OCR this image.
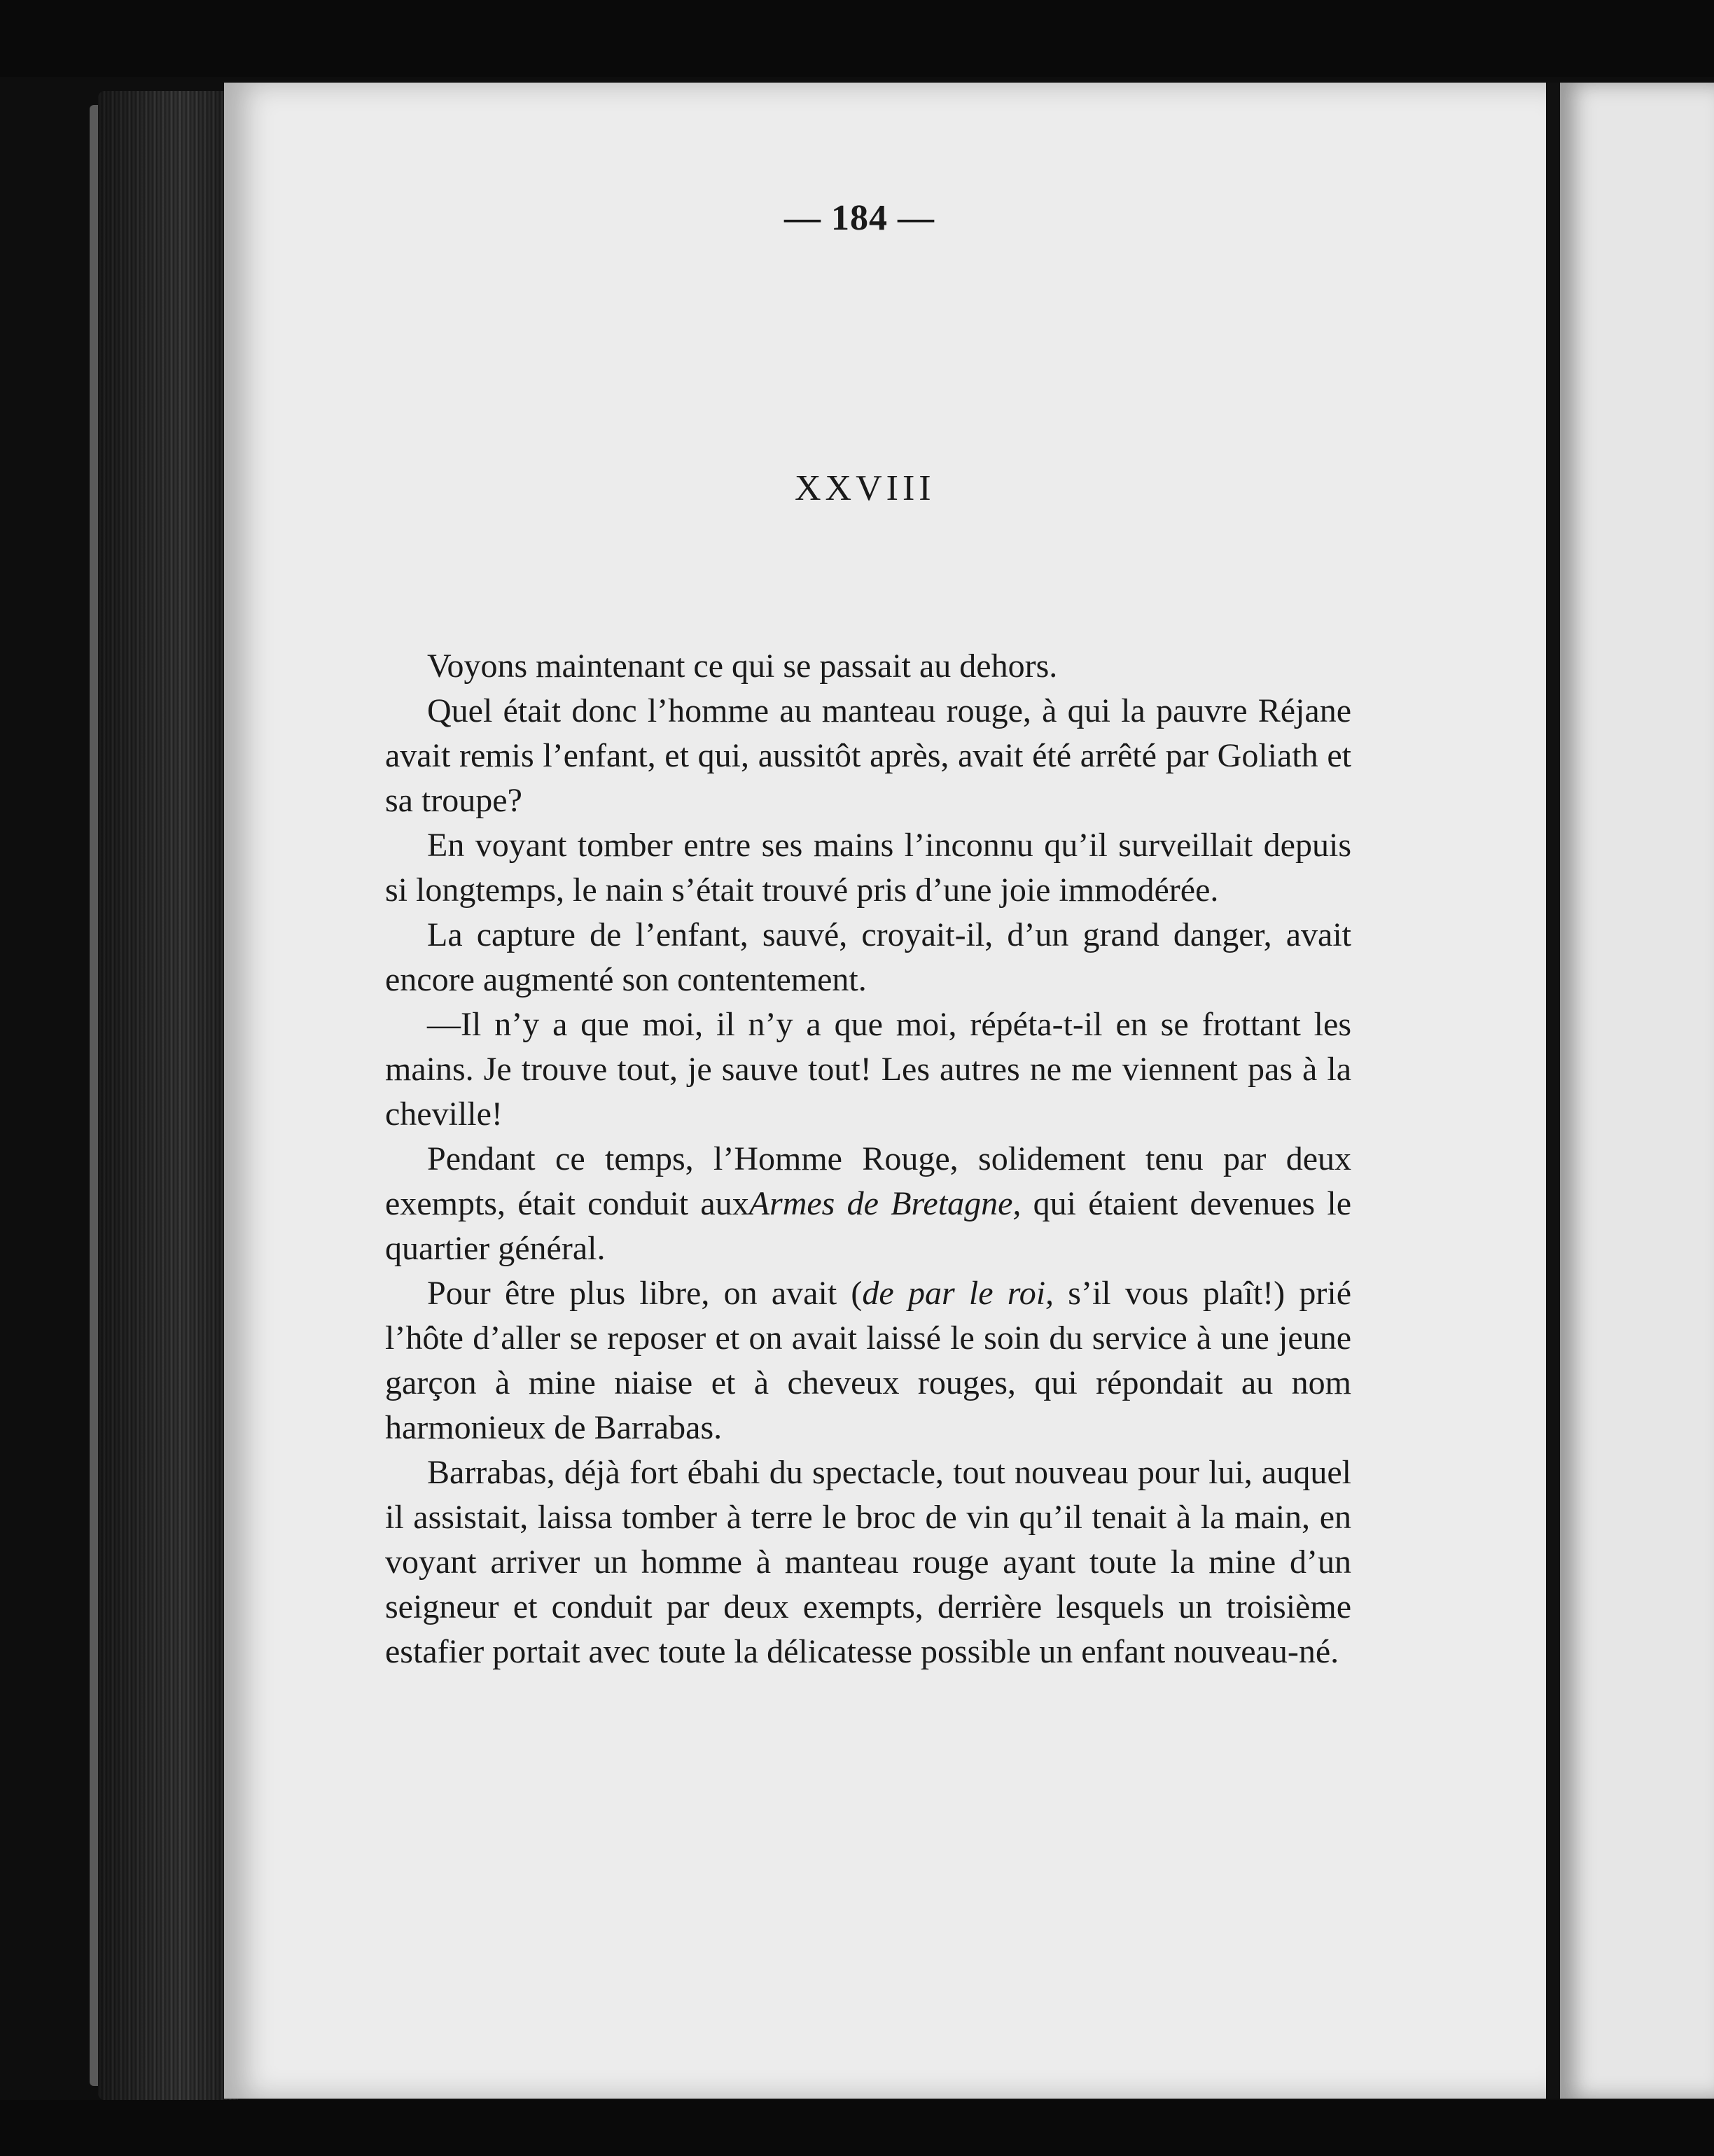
— 184 —
XXVIII

Voyons maintenant ce qui se passait au dehors.

Quel était donc l’homme au manteau rouge, à qui la pauvre Réjane avait remis l’enfant, et qui, aussitôt après, avait été arrêté par Goliath et sa troupe?

En voyant tomber entre ses mains l’inconnu qu’il surveillait depuis si longtemps, le nain s’était trouvé pris d’une joie immodérée.

La capture de l’enfant, sauvé, croyait-il, d’un grand danger, avait encore augmenté son contentement.

—Il n’y a que moi, il n’y a que moi, répéta-t-il en se frottant les mains. Je trouve tout, je sauve tout! Les autres ne me viennent pas à la cheville!

Pendant ce temps, l’Homme Rouge, solidement tenu par deux exempts, était conduit auxArmes de Bretagne, qui étaient devenues le quartier général.

Pour être plus libre, on avait (de par le roi, s’il vous plaît!) prié l’hôte d’aller se reposer et on avait laissé le soin du service à une jeune garçon à mine niaise et à cheveux rouges, qui répondait au nom harmonieux de Barrabas.

Barrabas, déjà fort ébahi du spectacle, tout nouveau pour lui, auquel il assistait, laissa tomber à terre le broc de vin qu’il tenait à la main, en voyant arriver un homme à manteau rouge ayant toute la mine d’un seigneur et conduit par deux exempts, derrière lesquels un troisième estafier portait avec toute la délicatesse possible un enfant nouveau-né.
